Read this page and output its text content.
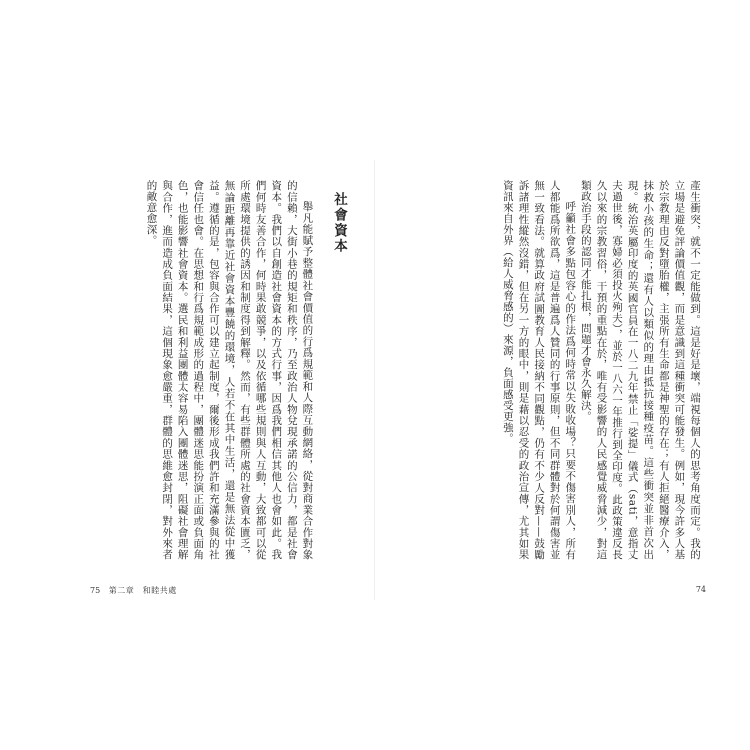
產生衝突，就不一定能做到。這是好是壞，端視每個人的思考角度而定。我的立場是避免評論價值觀，而是意識到這種衝突可能發生。例如，現今許多人基於宗教理由反對墮胎權，主張所有生命都是神聖的存在；有人拒絕醫療介入，抹救小孩的生命；還有人以類似的理由抵抗接種疫苗。這些衝突並非首次出現。統治英屬印度的英國官員在一八二九年禁止「娑提」儀式（sati，意指丈夫過世後，寡婦必須投火殉夫），並於一八六一年推行到全印度。此政策違反長久以來的宗教習俗，干預的重點在於，唯有受影響的人民感覺威脅減少，對這類政治手段的認同才能扎根，問題才會永久解決。

呼籲社會多點包容心的作法爲何時常以失敗收場？只要不傷害別人，所有人都能爲所欲爲，這是普遍爲人贊同的行事原則，但不同群體對於何謂傷害並無一致看法。就算政府試圖教育人民接納不同觀點，仍有不少人反對——鼓勵訴諸理性縱然沒錯，但在另一方的眼中，則是藉以忍受的政治宣傳，尤其如果資訊來自外界（給人威脅感的）來源，負面感受更強。

社會資本

舉凡能賦予整體社會價值的行爲規範和人際互動網絡，從對商業合作對象的信賴，大街小巷的規矩和秩序，乃至政治人物兌現承諾的公信力，都是社會資本。我們以自創造社會資本的方式行事，因爲我們相信其他人也會如此。我們何時友善合作，何時果敢競爭，以及依循哪些規則與人互動，大致都可以從所處環境提供的誘因和制度得到解釋。然而，有些群體所處的社會資本匱乏，無論距離再靠近社會資本豐饒的環境，人若不在其中生活，還是無法從中獲益。遵循的是，包容與合作可以建立起制度，爾後形成我們許和充滿參與的社會信任也會。在思想和行爲規範成形的過程中，團體迷思能扮演正面或負面角色，也能影響社會資本。選民和利益團體太容易陷入團體迷思，阻礙社會理解與合作，進而造成負面結果，這個現象愈嚴重，群體的思維愈封閉，對外來者的敵意愈深。

75 第二章　和睦共處	74
